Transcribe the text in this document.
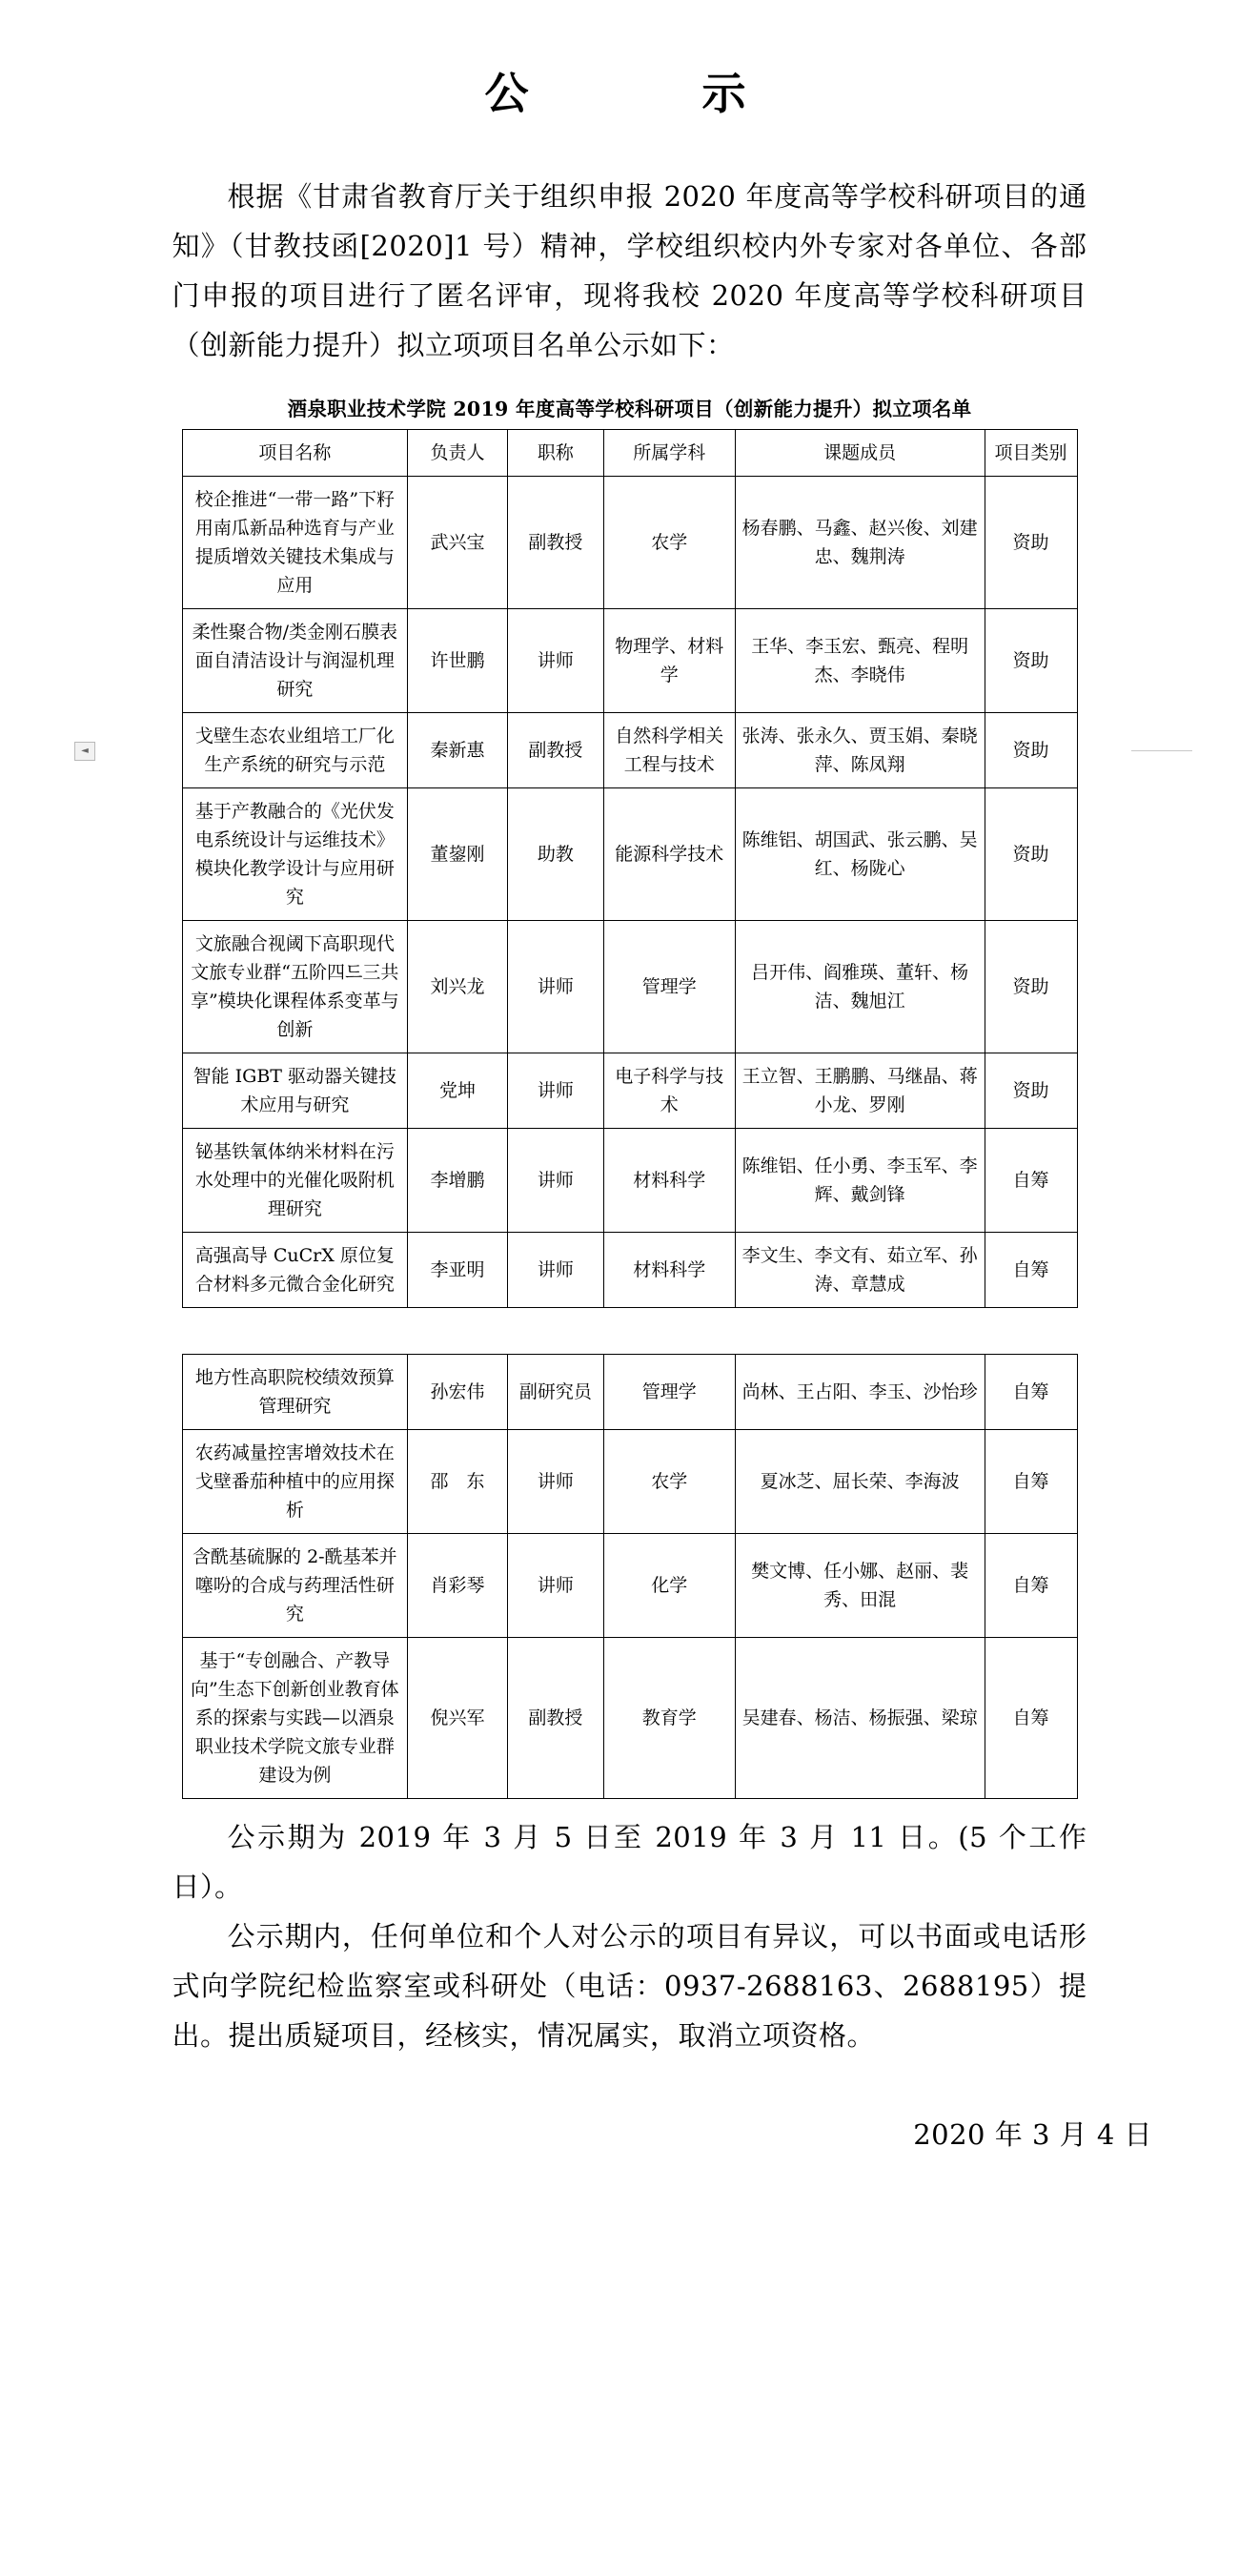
公　　示

根据《甘肃省教育厅关于组织申报 2020 年度高等学校科研项目的通知》（甘教技函[2020]1 号）精神，学校组织校内外专家对各单位、各部门申报的项目进行了匿名评审，现将我校 2020 年度高等学校科研项目（创新能力提升）拟立项项目名单公示如下：

酒泉职业技术学院 2019 年度高等学校科研项目（创新能力提升）拟立项名单
项目名称	负责人	职称	所属学科	课题成员	项目类别
校企推进“一带一路”下籽用南瓜新品种选育与产业提质增效关键技术集成与应用	武兴宝	副教授	农学	杨春鹏、马鑫、赵兴俊、刘建忠、魏荆涛	资助
柔性聚合物/类金刚石膜表面自清洁设计与润湿机理研究	许世鹏	讲师	物理学、材料学	王华、李玉宏、甄亮、程明杰、李晓伟	资助
戈壁生态农业组培工厂化生产系统的研究与示范	秦新惠	副教授	自然科学相关工程与技术	张涛、张永久、贾玉娟、秦晓萍、陈凤翔	资助
基于产教融合的《光伏发电系统设计与运维技术》模块化教学设计与应用研究	董鋆刚	助教	能源科学技术	陈维铝、胡国武、张云鹏、吴红、杨陇心	资助
文旅融合视阈下高职现代文旅专业群“五阶四드三共享”模块化课程体系变革与创新	刘兴龙	讲师	管理学	吕开伟、阎雅瑛、董轩、杨洁、魏旭江	资助
智能 IGBT 驱动器关键技术应用与研究	党坤	讲师	电子科学与技术	王立智、王鹏鹏、马继晶、蒋小龙、罗刚	资助
铋基铁氧体纳米材料在污水处理中的光催化吸附机理研究	李增鹏	讲师	材料科学	陈维铝、任小勇、李玉军、李辉、戴剑锋	自筹
高强高导 CuCrX 原位复合材料多元微合金化研究	李亚明	讲师	材料科学	李文生、李文有、茹立军、孙涛、章慧成	自筹
地方性高职院校绩效预算管理研究	孙宏伟	副研究员	管理学	尚林、王占阳、李玉、沙怡珍	自筹
农药减量控害增效技术在戈壁番茄种植中的应用探析	邵　东	讲师	农学	夏冰芝、屈长荣、李海波	自筹
含酰基硫脲的 2-酰基苯并噻吩的合成与药理活性研究	肖彩琴	讲师	化学	樊文博、任小娜、赵丽、裴秀、田混	自筹
基于“专创融合、产教导向”生态下创新创业教育体系的探索与实践—以酒泉职业技术学院文旅专业群建设为例	倪兴军	副教授	教育学	吴建春、杨洁、杨振强、梁琼	自筹

公示期为 2019 年 3 月 5 日至 2019 年 3 月 11 日。(5 个工作日）。

公示期内，任何单位和个人对公示的项目有异议，可以书面或电话形式向学院纪检监察室或科研处（电话：0937-2688163、2688195）提出。提出质疑项目，经核实，情况属实，取消立项资格。

2020 年 3 月 4 日
◄
